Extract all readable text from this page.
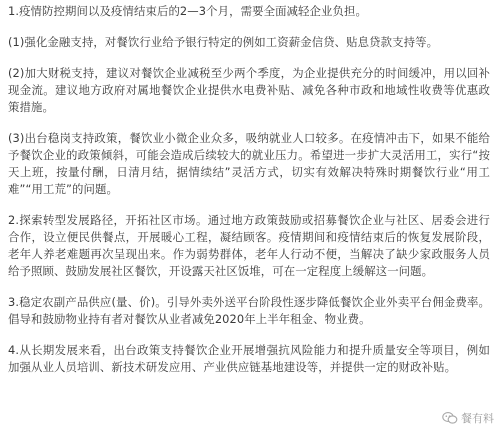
1.疫情防控期间以及疫情结束后的2—3个月，需要全面减轻企业负担。

(1)强化金融支持，对餐饮行业给予银行特定的例如工资薪金信贷、贴息贷款支持等。

(2)加大财税支持，建议对餐饮企业减税至少两个季度，为企业提供充分的时间缓冲，用以回补现金流。建议地方政府对属地餐饮企业提供水电费补贴、减免各种市政和地域性收费等优惠政策措施。

(3)出台稳岗支持政策，餐饮业小微企业众多，吸纳就业人口较多。在疫情冲击下，如果不能给予餐饮企业的政策倾斜，可能会造成后续较大的就业压力。希望进一步扩大灵活用工，实行“按天上班，按量付酬，日清月结，据情续结”灵活方式，切实有效解决特殊时期餐饮行业“用工难”“用工荒”的问题。

2.探索转型发展路径，开拓社区市场。通过地方政策鼓励或招募餐饮企业与社区、居委会进行合作，设立便民供餐点，开展暖心工程，凝结顾客。疫情期间和疫情结束后的恢复发展阶段，老年人养老难题再次呈现出来。作为弱势群体，老年人行动不便，当解决了缺少家政服务人员给予照顾、鼓励发展社区餐饮，开设露天社区饭堆，可在一定程度上缓解这一问题。

3.稳定农副产品供应(量、价)。引导外卖外送平台阶段性逐步降低餐饮企业外卖平台佣金费率。倡导和鼓励物业持有者对餐饮从业者减免2020年上半年租金、物业费。

4.从长期发展来看，出台政策支持餐饮企业开展增强抗风险能力和提升质量安全等项目，例如加强从业人员培训、新技术研发应用、产业供应链基地建设等，并提供一定的财政补贴。

餐有料
